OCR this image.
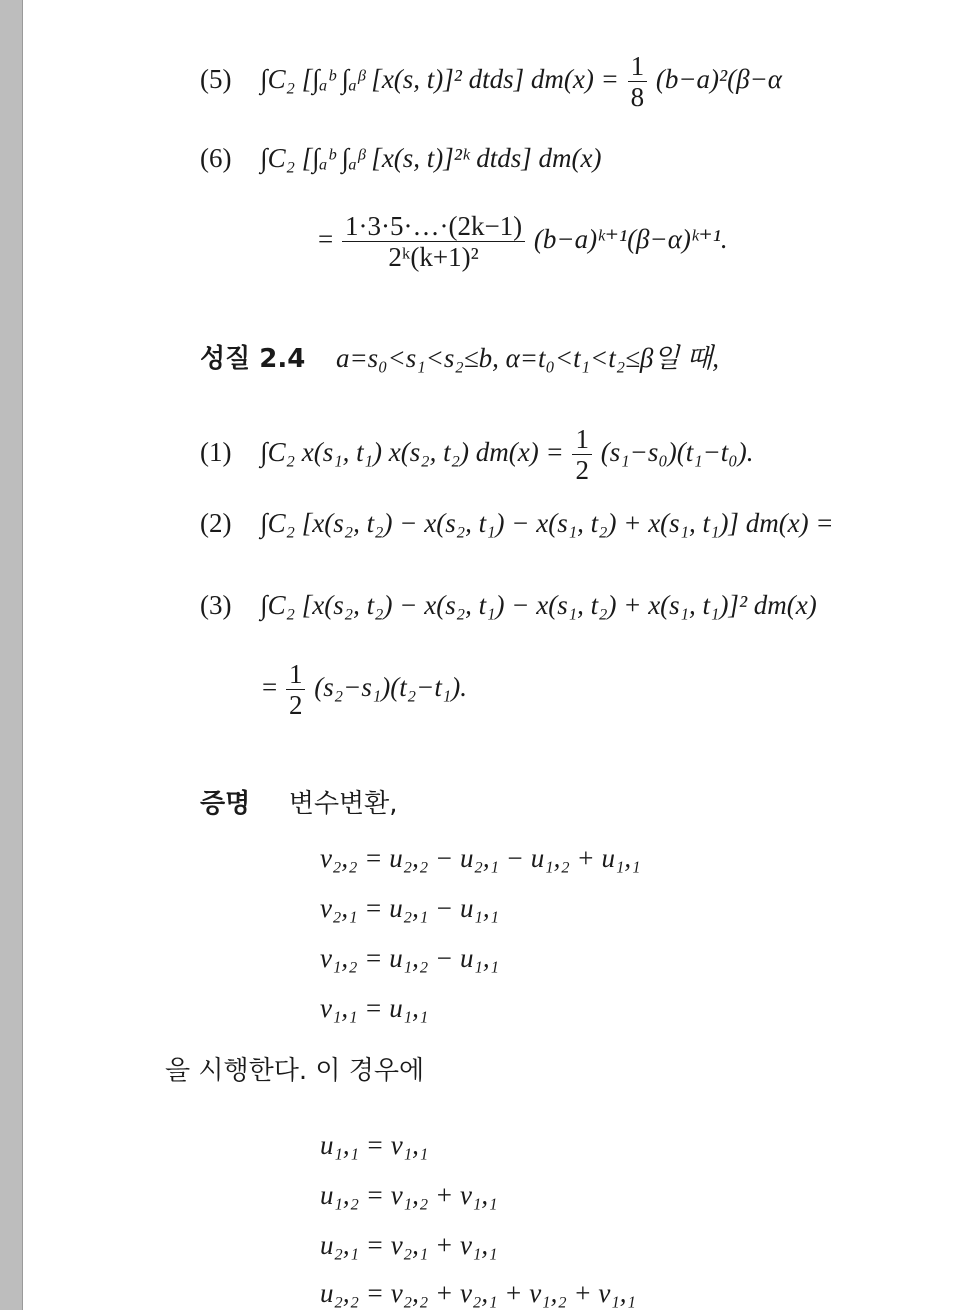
(5) ∫C₂ [∫ₐᵇ ∫ₐᵝ [x(s, t)]² dtds] $dm(x) = \frac{1}{8} (b-a)^2(\beta-\alpha$
(6) ∫C₂ [∫ₐᵇ ∫ₐᵝ [x(s, t)]²ᵏ dtds] dm(x)
= $\frac{1\cdot 3\cdot 5\cdot\dots\cdot(2k-1)}{\text{2ᵏ(k+1)²}}$ (b−a)ᵏ⁺¹(β−α)ᵏ⁺¹.
성질 2.4 a=s₀<s₁<s₂≤b, α=t₀<t₁<t₂≤β일 때,
(1) ∫C₂ x(s₁, t₁) x(s₂, t₂) $dm(x) = \frac{1}{2} (s_1-s_0)(t_1-t_0)$.
(2) ∫C₂ [x(s₂, t₂) − x(s₂, t₁) − x(s₁, t₂) + x(s₁, t₁)] dm(x) =
(3) ∫C₂ [x(s₂, t₂) − x(s₂, t₁) − x(s₁, t₂) + x(s₁, t₁)]² dm(x)
= $\frac{1}{2} (s_2-s_1)(t_2-t_1)$.
증명 변수변환,
v₂,₂ = u₂,₂ − u₂,₁ − u₁,₂ + u₁,₁
v₂,₁ = u₂,₁ − u₁,₁
v₁,₂ = u₁,₂ − u₁,₁
v₁,₁ = u₁,₁
을 시행한다. 이 경우에
u₁,₁ = v₁,₁
u₁,₂ = v₁,₂ + v₁,₁
u₂,₁ = v₂,₁ + v₁,₁
u₂,₂ = v₂,₂ + v₂,₁ + v₁,₂ + v₁,₁
